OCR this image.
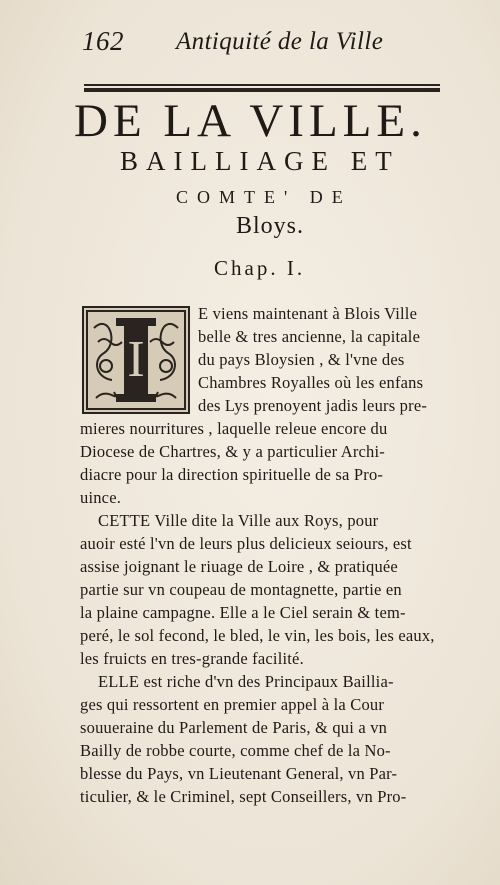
162 Antiquité de la Ville
DE LA VILLE.
BAILLIAGE ET
COMTE' DE
Bloys.
Chap. I.
I
E viens maintenant à Blois Ville
belle & tres ancienne, la capitale
du pays Bloysien , & l'vne des
Chambres Royalles où les enfans
des Lys prenoyent jadis leurs pre-
mieres nourritures , laquelle releue encore du
Diocese de Chartres, & y a particulier Archi-
diacre pour la direction spirituelle de sa Pro-
uince.
CETTE Ville dite la Ville aux Roys, pour
auoir esté l'vn de leurs plus delicieux seiours, est
assise joignant le riuage de Loire , & pratiquée
partie sur vn coupeau de montagnette, partie en
la plaine campagne. Elle a le Ciel serain & tem-
peré, le sol fecond, le bled, le vin, les bois, les eaux,
les fruicts en tres-grande facilité.
ELLE est riche d'vn des Principaux Baillia-
ges qui ressortent en premier appel à la Cour
souueraine du Parlement de Paris, & qui a vn
Bailly de robbe courte, comme chef de la No-
blesse du Pays, vn Lieutenant General, vn Par-
ticulier, & le Criminel, sept Conseillers, vn Pro-
